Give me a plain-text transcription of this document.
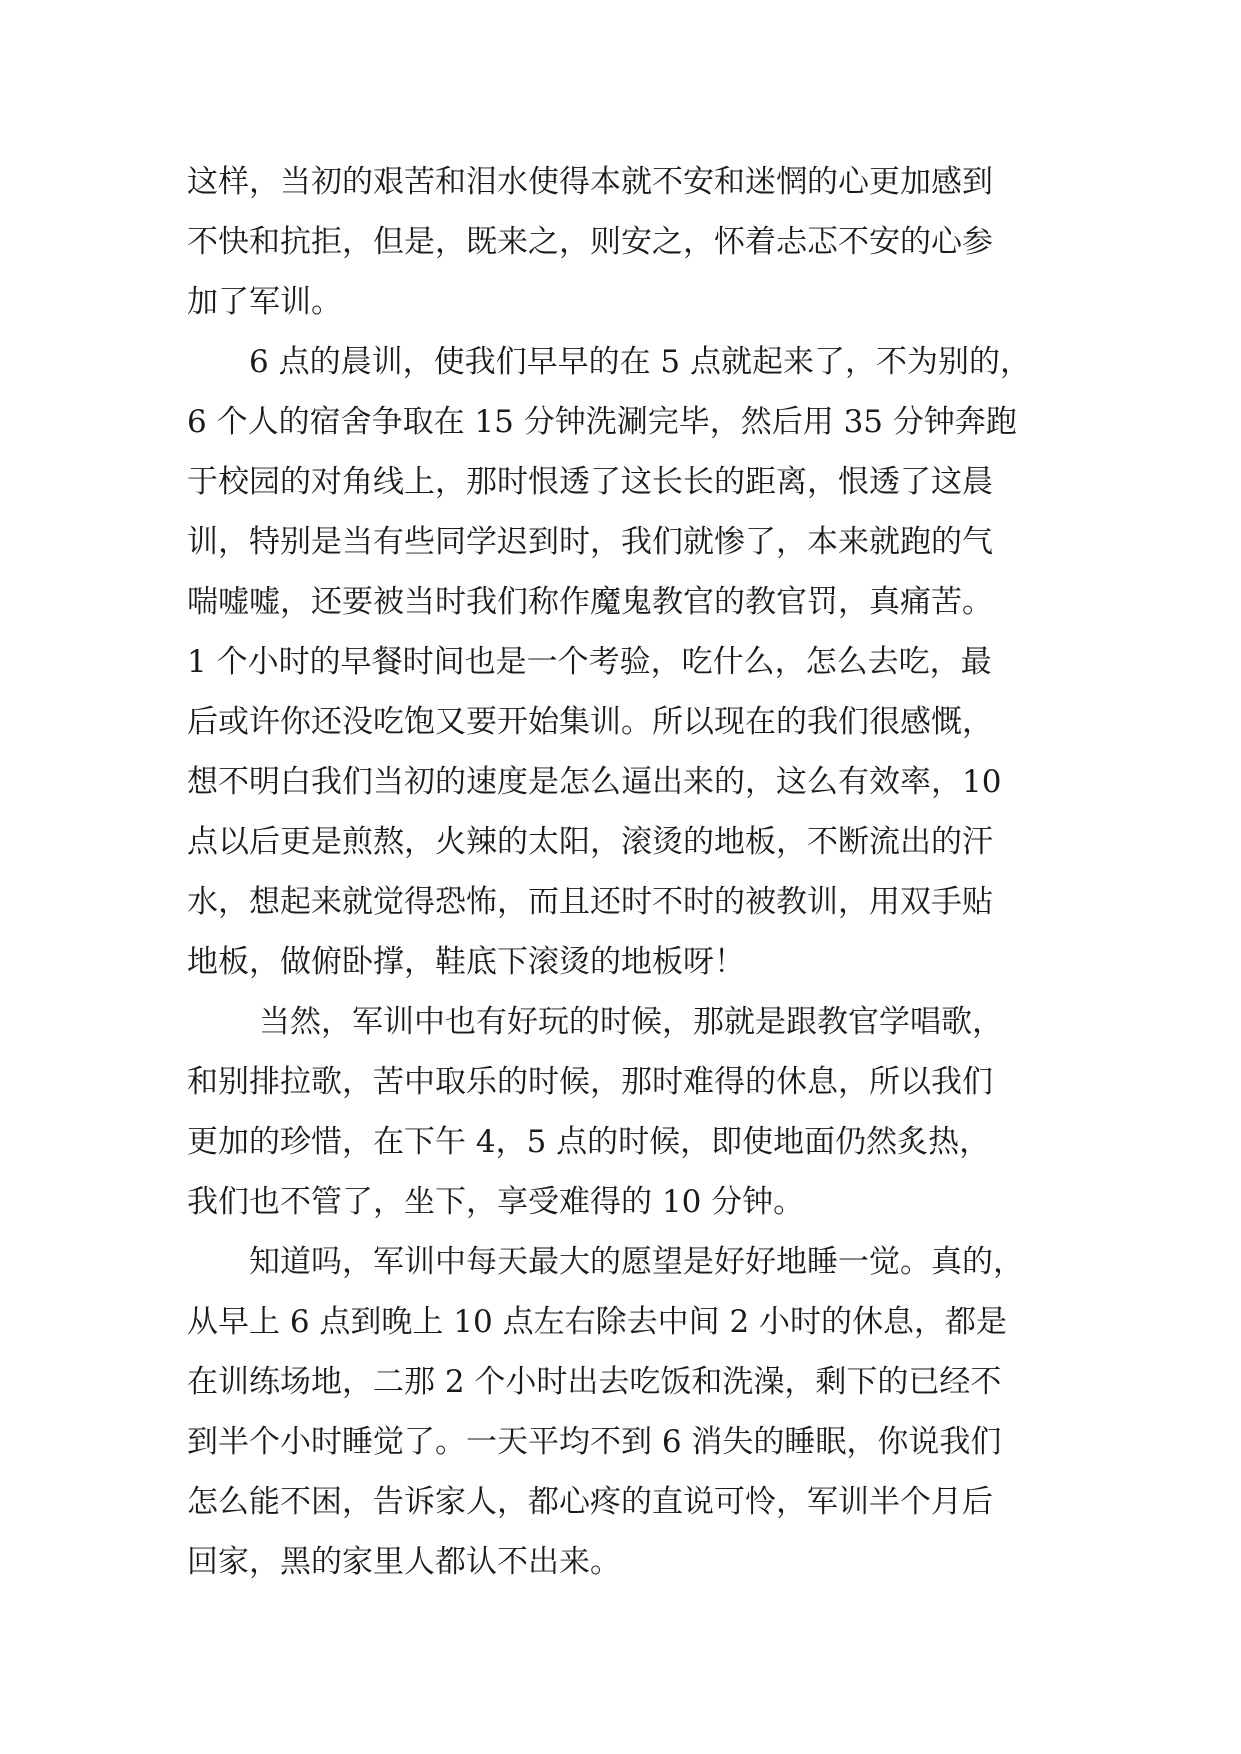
这样，当初的艰苦和泪水使得本就不安和迷惘的心更加感到
不快和抗拒，但是，既来之，则安之，怀着忐忑不安的心参
加了军训。
6 点的晨训，使我们早早的在 5 点就起来了，不为别的，
6 个人的宿舍争取在 15 分钟洗涮完毕，然后用 35 分钟奔跑
于校园的对角线上，那时恨透了这长长的距离，恨透了这晨
训，特别是当有些同学迟到时，我们就惨了，本来就跑的气
喘嘘嘘，还要被当时我们称作魔鬼教官的教官罚，真痛苦。
1 个小时的早餐时间也是一个考验，吃什么，怎么去吃，最
后或许你还没吃饱又要开始集训。所以现在的我们很感慨，
想不明白我们当初的速度是怎么逼出来的，这么有效率，10
点以后更是煎熬，火辣的太阳，滚烫的地板，不断流出的汗
水，想起来就觉得恐怖，而且还时不时的被教训，用双手贴
地板，做俯卧撑，鞋底下滚烫的地板呀！
当然，军训中也有好玩的时候，那就是跟教官学唱歌，
和别排拉歌，苦中取乐的时候，那时难得的休息，所以我们
更加的珍惜，在下午 4，5 点的时候，即使地面仍然炙热，
我们也不管了，坐下，享受难得的 10 分钟。
知道吗，军训中每天最大的愿望是好好地睡一觉。真的，
从早上 6 点到晚上 10 点左右除去中间 2 小时的休息，都是
在训练场地，二那 2 个小时出去吃饭和洗澡，剩下的已经不
到半个小时睡觉了。一天平均不到 6 消失的睡眠，你说我们
怎么能不困，告诉家人，都心疼的直说可怜，军训半个月后
回家，黑的家里人都认不出来。
